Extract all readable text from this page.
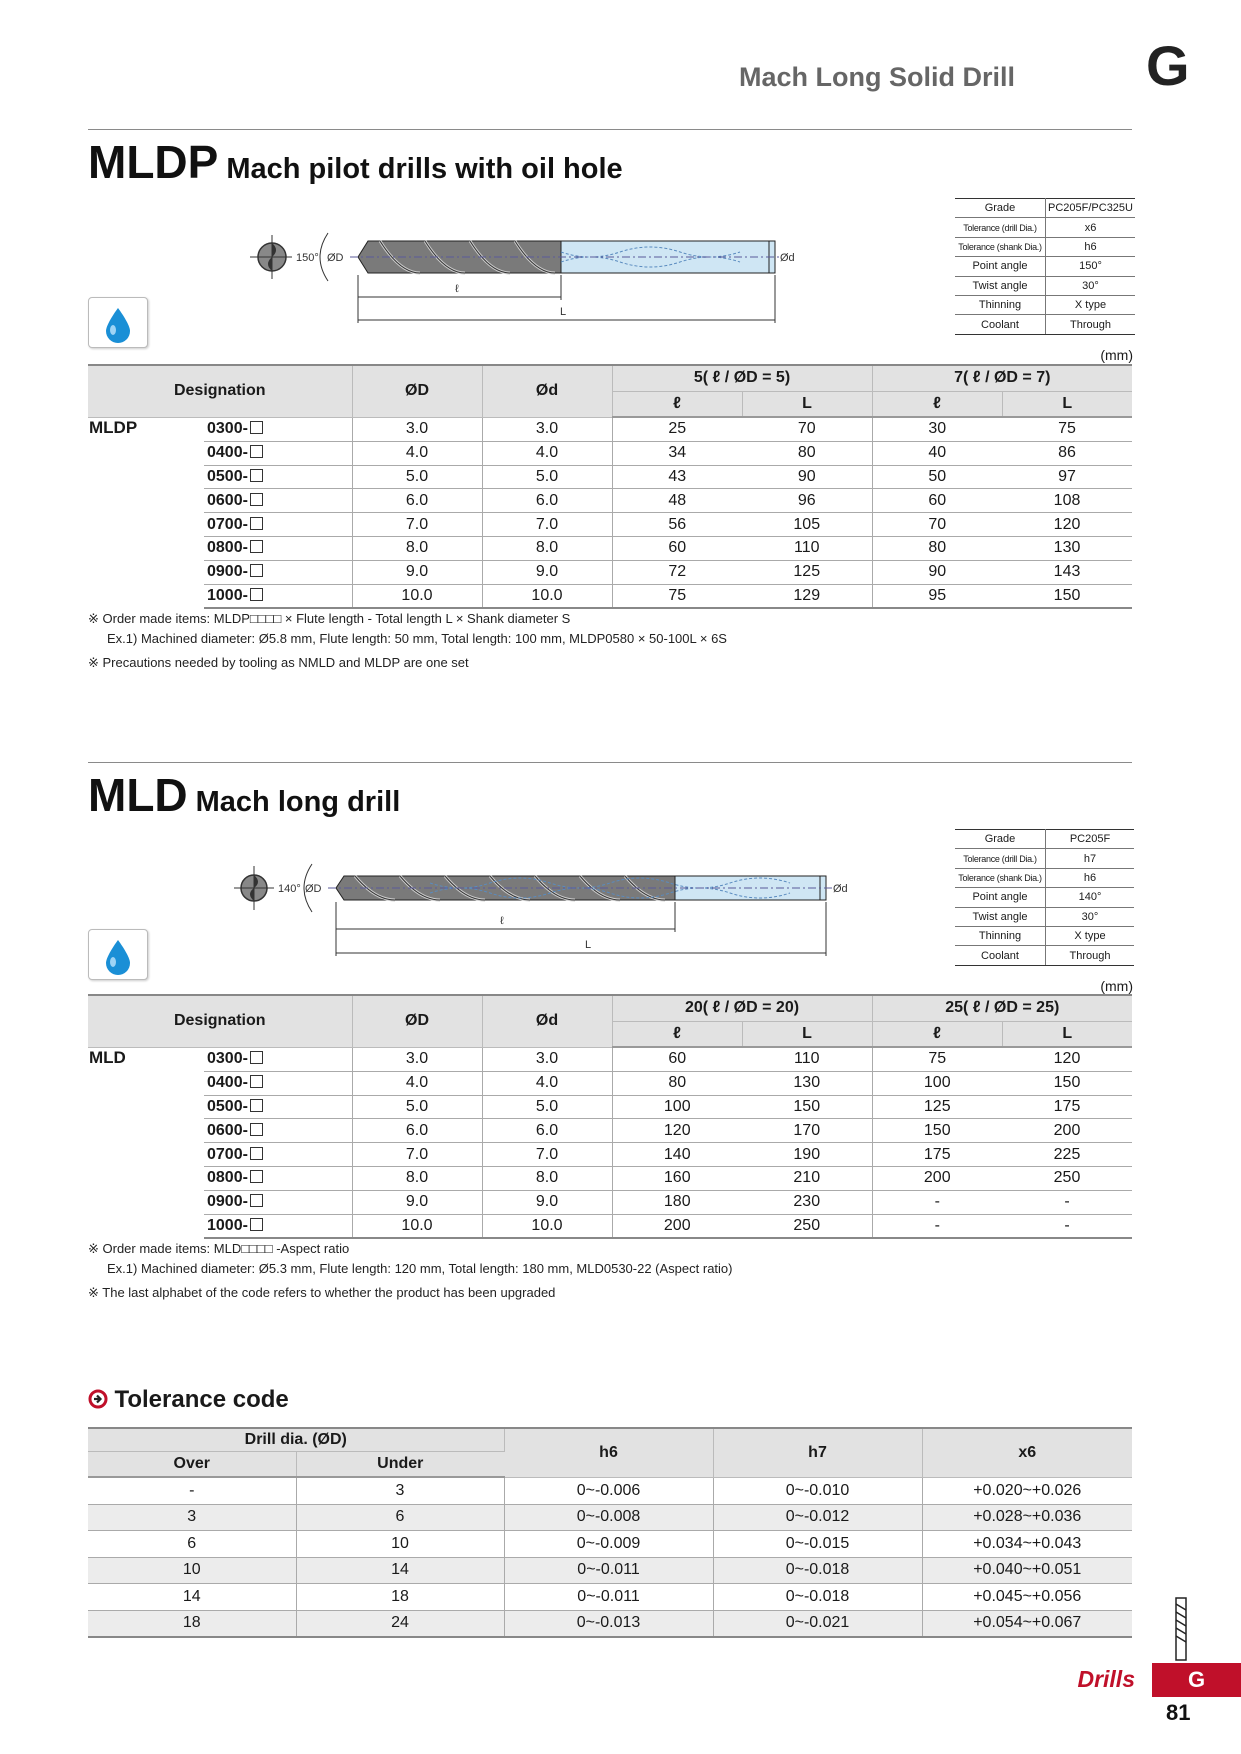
Mach Long Solid Drill G
MLDP Mach pilot drills with oil hole
150° ØD	Ød
ℓ
L
Grade	PC205F/PC325U
Tolerance (drill Dia.)	x6
Tolerance (shank Dia.)	h6
Point angle	150°
Twist angle	30°
Thinning	X type
Coolant	Through
(mm)
Designation		ØD	Ød	5( ℓ / ØD = 5)		7( ℓ / ØD = 7)	
				ℓ	L	ℓ	L
MLDP	0300-	3.0	3.0	25	70	30	75
	0400-	4.0	4.0	34	80	40	86
	0500-	5.0	5.0	43	90	50	97
	0600-	6.0	6.0	48	96	60	108
	0700-	7.0	7.0	56	105	70	120
	0800-	8.0	8.0	60	110	80	130
	0900-	9.0	9.0	72	125	90	143
	1000-	10.0	10.0	75	129	95	150
※ Order made items: MLDP□□□□ × Flute length - Total length L × Shank diameter S
Ex.1) Machined diameter: Ø5.8 mm, Flute length: 50 mm, Total length: 100 mm, MLDP0580 × 50-100L × 6S
※ Precautions needed by tooling as NMLD and MLDP are one set
MLD Mach long drill
140° ØD	Ød
ℓ
L
Grade	PC205F
Tolerance (drill Dia.)	h7
Tolerance (shank Dia.)	h6
Point angle	140°
Twist angle	30°
Thinning	X type
Coolant	Through
(mm)
Designation		ØD	Ød	20( ℓ / ØD = 20)		25( ℓ / ØD = 25)	
				ℓ	L	ℓ	L
MLD	0300-	3.0	3.0	60	110	75	120
	0400-	4.0	4.0	80	130	100	150
	0500-	5.0	5.0	100	150	125	175
	0600-	6.0	6.0	120	170	150	200
	0700-	7.0	7.0	140	190	175	225
	0800-	8.0	8.0	160	210	200	250
	0900-	9.0	9.0	180	230	-	-
	1000-	10.0	10.0	200	250	-	-
※ Order made items: MLD□□□□ -Aspect ratio
Ex.1) Machined diameter: Ø5.3 mm, Flute length: 120 mm, Total length: 180 mm, MLD0530-22 (Aspect ratio)
※ The last alphabet of the code refers to whether the product has been upgraded
Tolerance code
Drill dia. (ØD)		h6	h7	x6
Over	Under			
-	3	0~-0.006	0~-0.010	+0.020~+0.026
3	6	0~-0.008	0~-0.012	+0.028~+0.036
6	10	0~-0.009	0~-0.015	+0.034~+0.043
10	14	0~-0.011	0~-0.018	+0.040~+0.051
14	18	0~-0.011	0~-0.018	+0.045~+0.056
18	24	0~-0.013	0~-0.021	+0.054~+0.067
Drills	G
81
